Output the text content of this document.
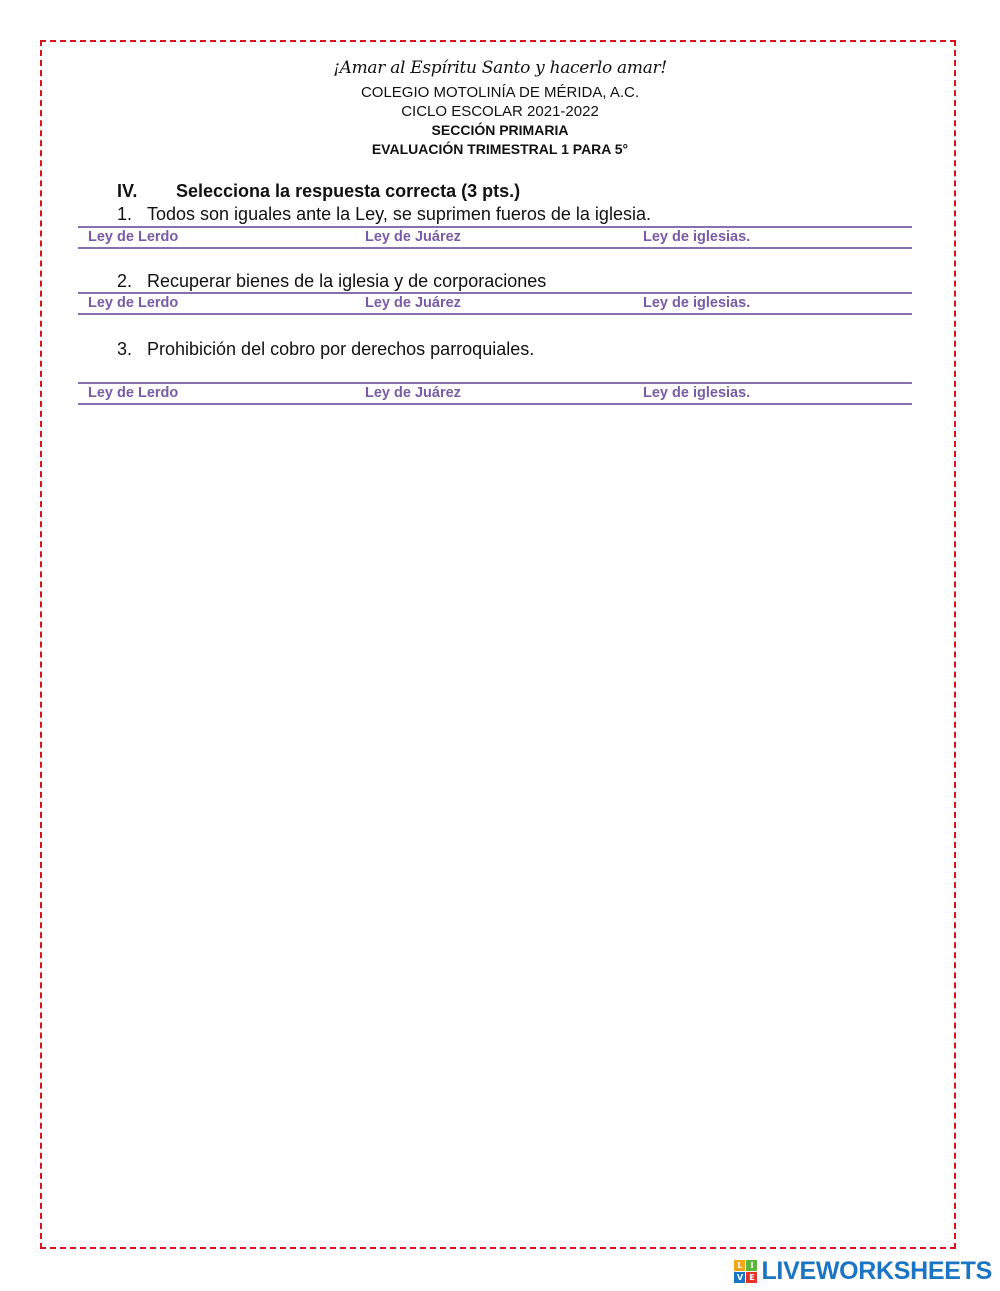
¡Amar al Espíritu Santo y hacerlo amar!
COLEGIO MOTOLINÍA DE MÉRIDA, A.C.
CICLO ESCOLAR 2021-2022
SECCIÓN PRIMARIA
EVALUACIÓN TRIMESTRAL 1 PARA 5°
IV. Selecciona la respuesta correcta (3 pts.)
1. Todos son iguales ante la Ley, se suprimen fueros de la iglesia.
Ley de Lerdo	Ley de Juárez	Ley de iglesias.
2. Recuperar bienes de la iglesia y de corporaciones
Ley de Lerdo	Ley de Juárez	Ley de iglesias.
3. Prohibición del cobro por derechos parroquiales.
Ley de Lerdo	Ley de Juárez	Ley de iglesias.
L I
V E LIVEWORKSHEETS
